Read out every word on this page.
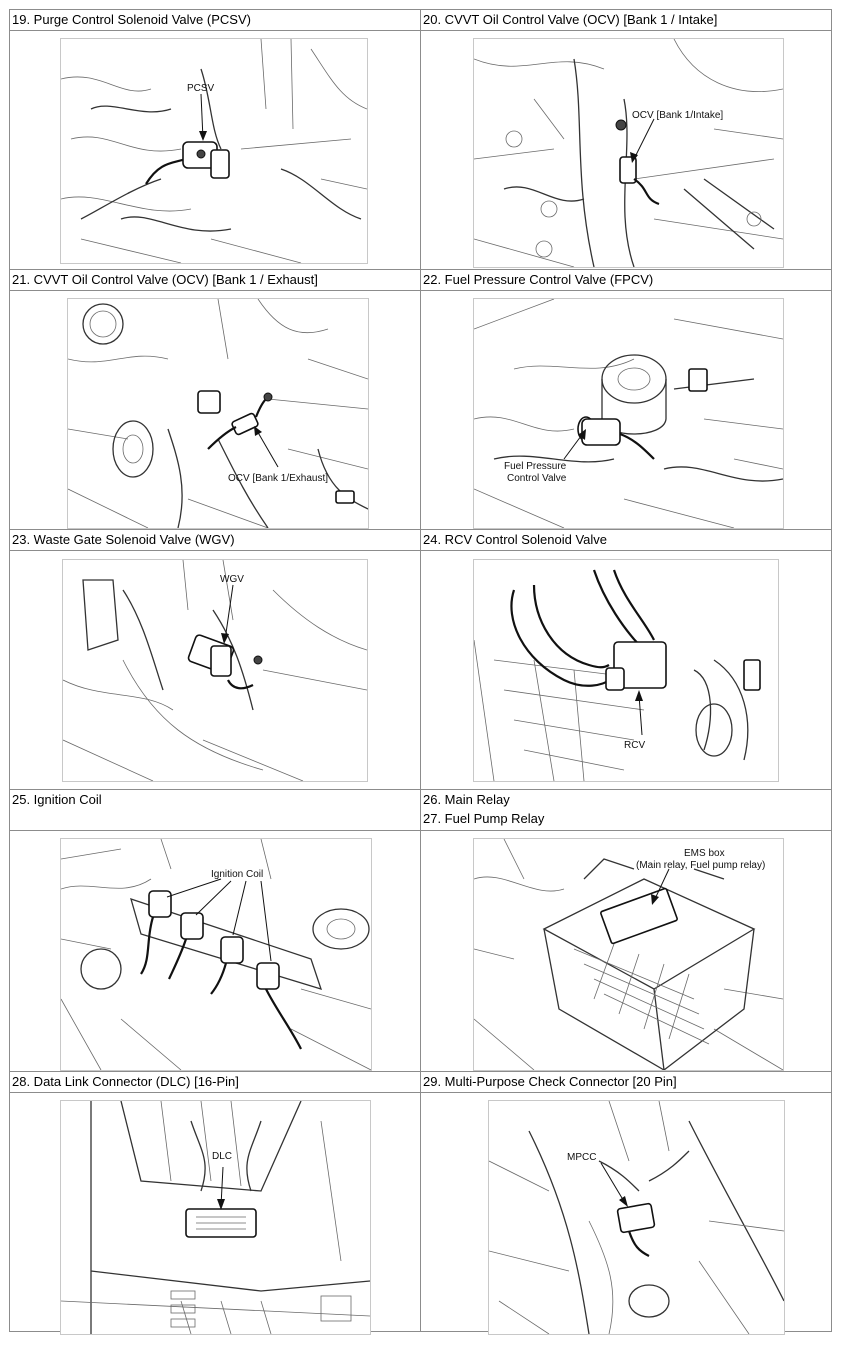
19. Purge Control Solenoid Valve (PCSV)	20. CVVT Oil Control Valve (OCV) [Bank 1 / Intake]

PCSV	OCV [Bank 1/Intake]

21. CVVT Oil Control Valve (OCV) [Bank 1 / Exhaust]	22. Fuel Pressure Control Valve (FPCV)

OCV [Bank 1/Exhaust]	Fuel Pressure
Control Valve

23. Waste Gate Solenoid Valve (WGV)	24. RCV Control Solenoid Valve

WGV	RCV

25. Ignition Coil	26. Main Relay
27. Fuel Pump Relay

Ignition Coil	EMS box
(Main relay, Fuel pump relay)

28. Data Link Connector (DLC) [16-Pin]	29. Multi-Purpose Check Connector [20 Pin]

DLC	MPCC
